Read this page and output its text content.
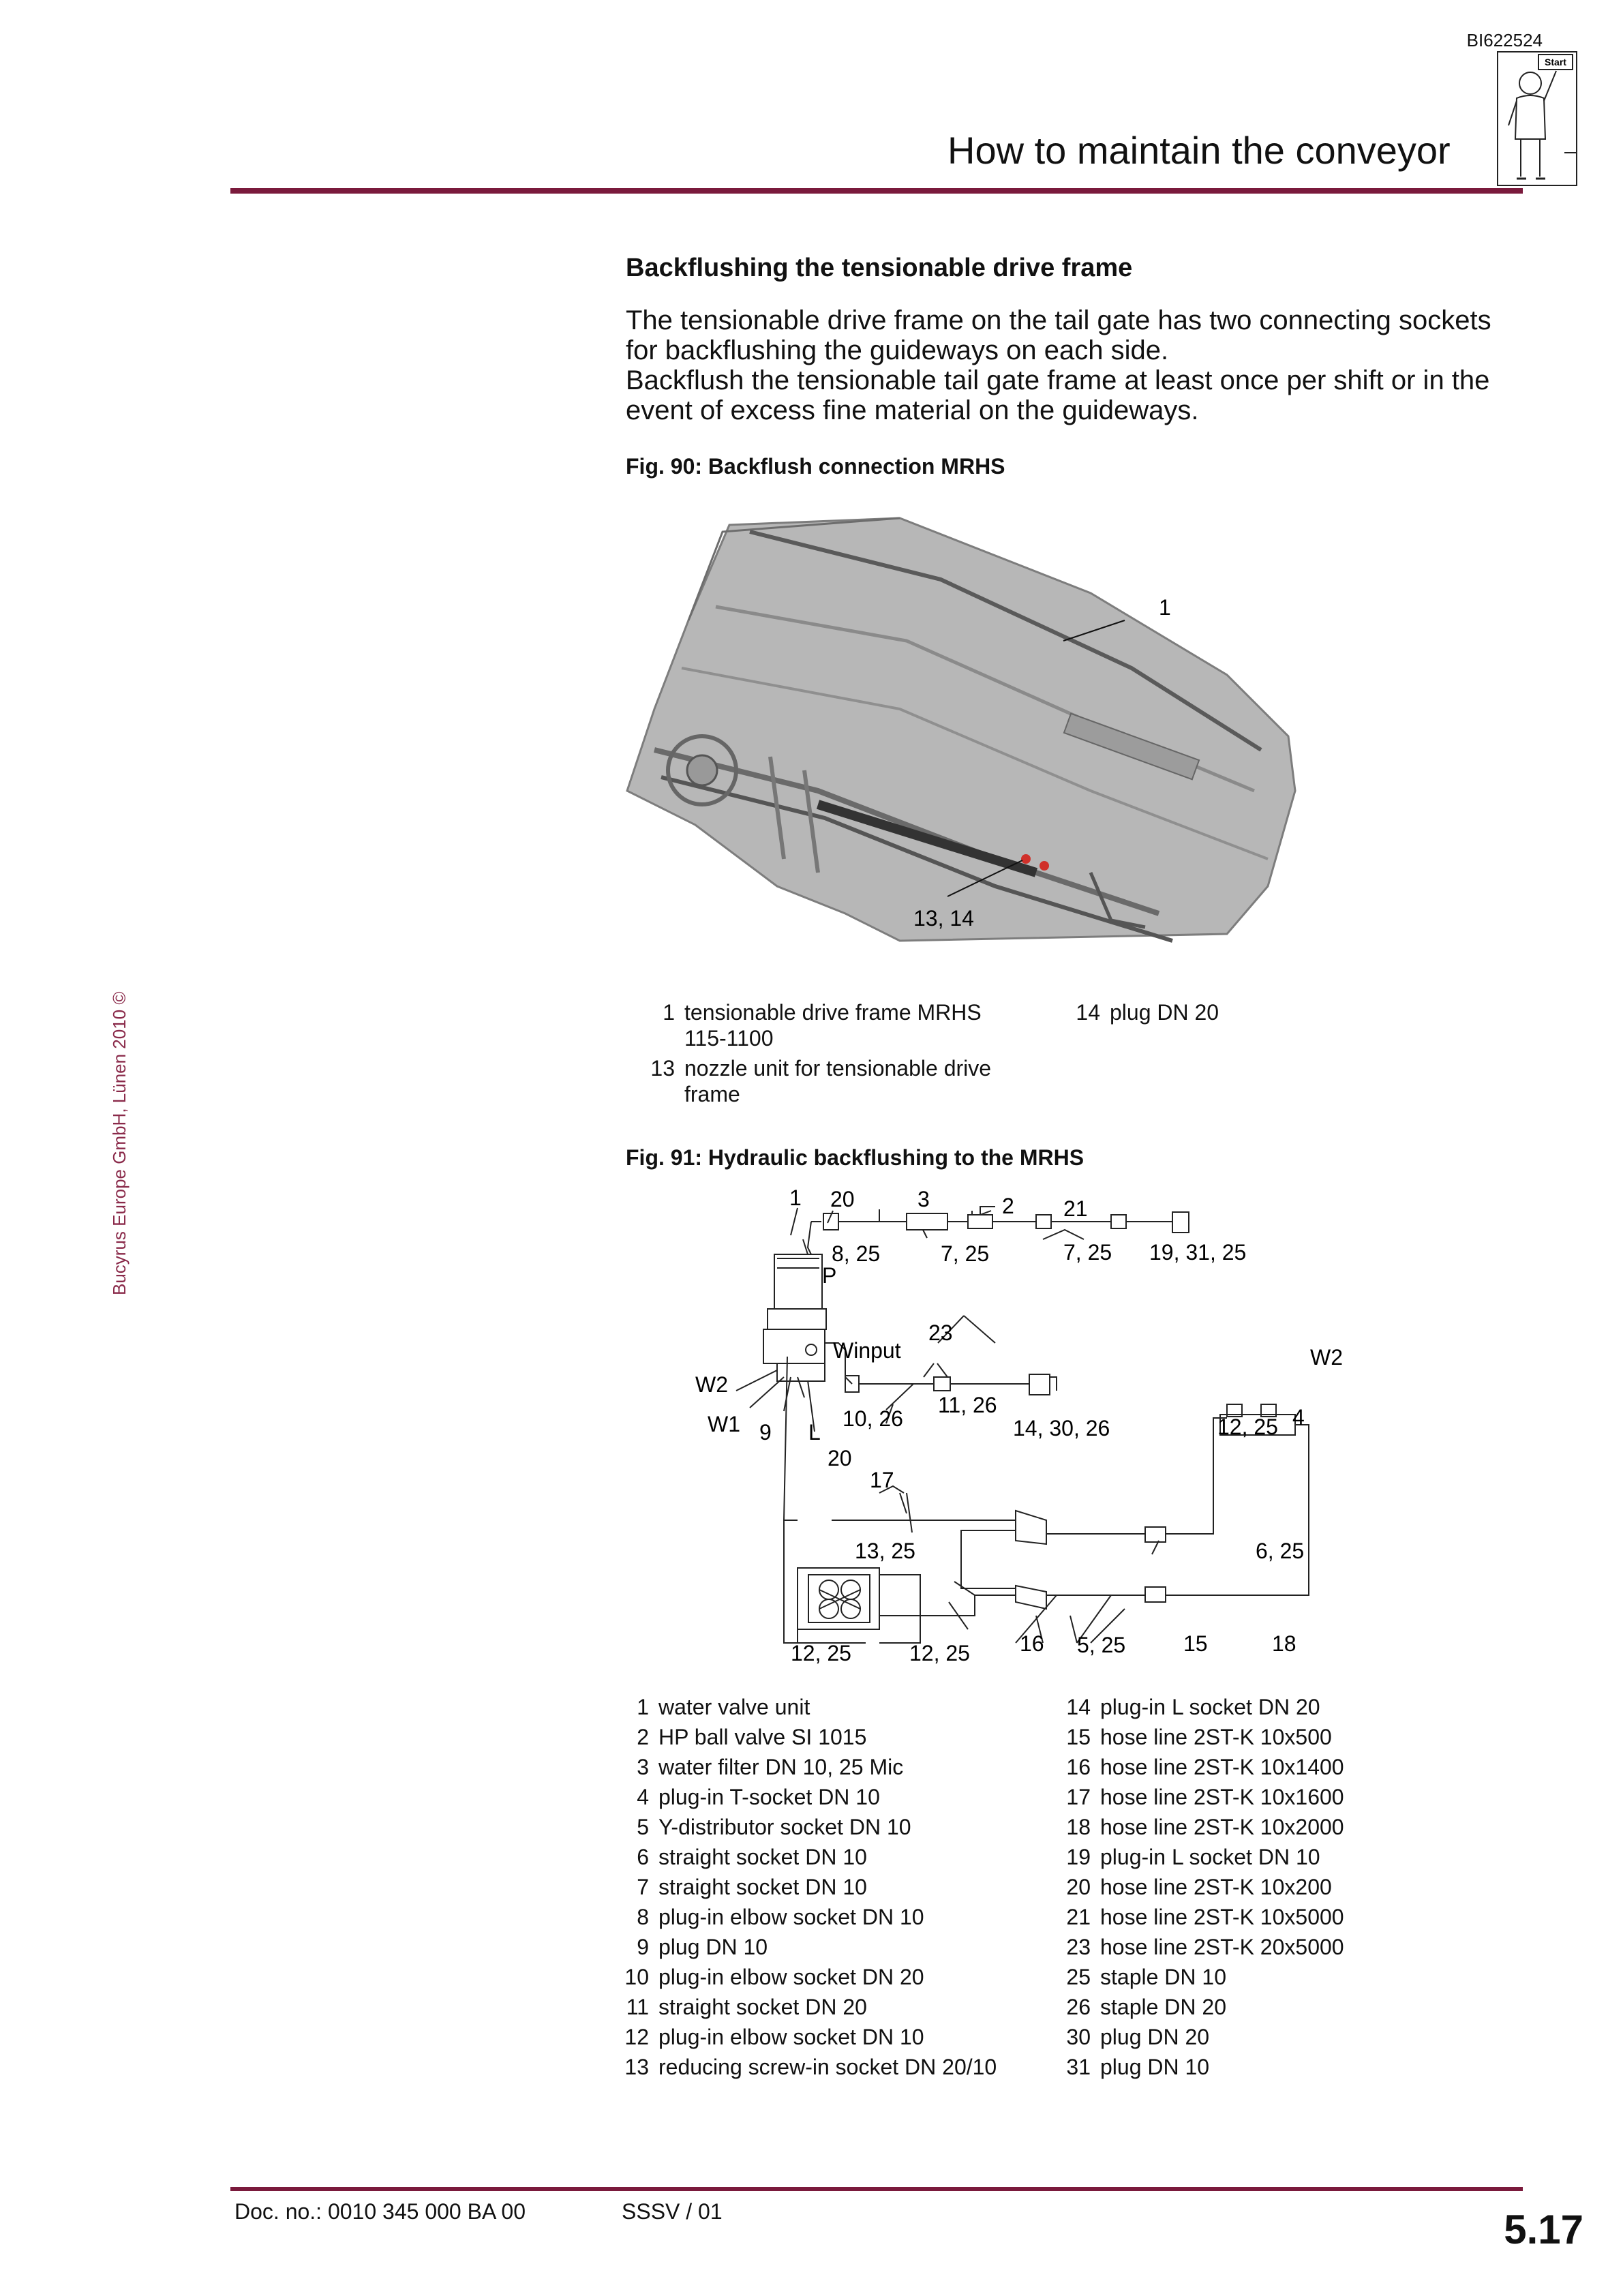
BI622524
How to maintain the conveyor
Start
Bucyrus Europe GmbH, Lünen 2010 ©
Backflushing the tensionable drive frame

The tensionable drive frame on the tail gate has two connecting sockets for backflushing the guideways on each side.

Backflush the tensionable tail gate frame at least once per shift or in the event of excess fine material on the guideways.

Fig. 90: Backflush connection MRHS
1
13, 14
1 tensionable drive frame MRHS 115-1100
13 nozzle unit for tensionable drive frame
14 plug DN 20
Fig. 91: Hydraulic backflushing to the MRHS
1 20	3	2 21
8, 25	7, 25	7, 25 19, 31, 25
P
Winput
23
W2
W2
11, 26
W1 9 L
10, 26	14, 30, 26	12, 25 4
20
17
13, 25	6, 25
12, 25	12, 25 16 5, 25	15	18
1 water valve unit
2 HP ball valve SI 1015
3 water filter DN 10, 25 Mic
4 plug-in T-socket DN 10
5 Y-distributor socket DN 10
6 straight socket DN 10
7 straight socket DN 10
8 plug-in elbow socket DN 10
9 plug DN 10
10 plug-in elbow socket DN 20
11 straight socket DN 20
12 plug-in elbow socket DN 10
13 reducing screw-in socket DN 20/10
14 plug-in L socket DN 20
15 hose line 2ST-K 10x500
16 hose line 2ST-K 10x1400
17 hose line 2ST-K 10x1600
18 hose line 2ST-K 10x2000
19 plug-in L socket DN 10
20 hose line 2ST-K 10x200
21 hose line 2ST-K 10x5000
23 hose line 2ST-K 20x5000
25 staple DN 10
26 staple DN 20
30 plug DN 20
31 plug DN 10
Doc. no.: 0010 345 000 BA 00	SSSV / 01	5.17
